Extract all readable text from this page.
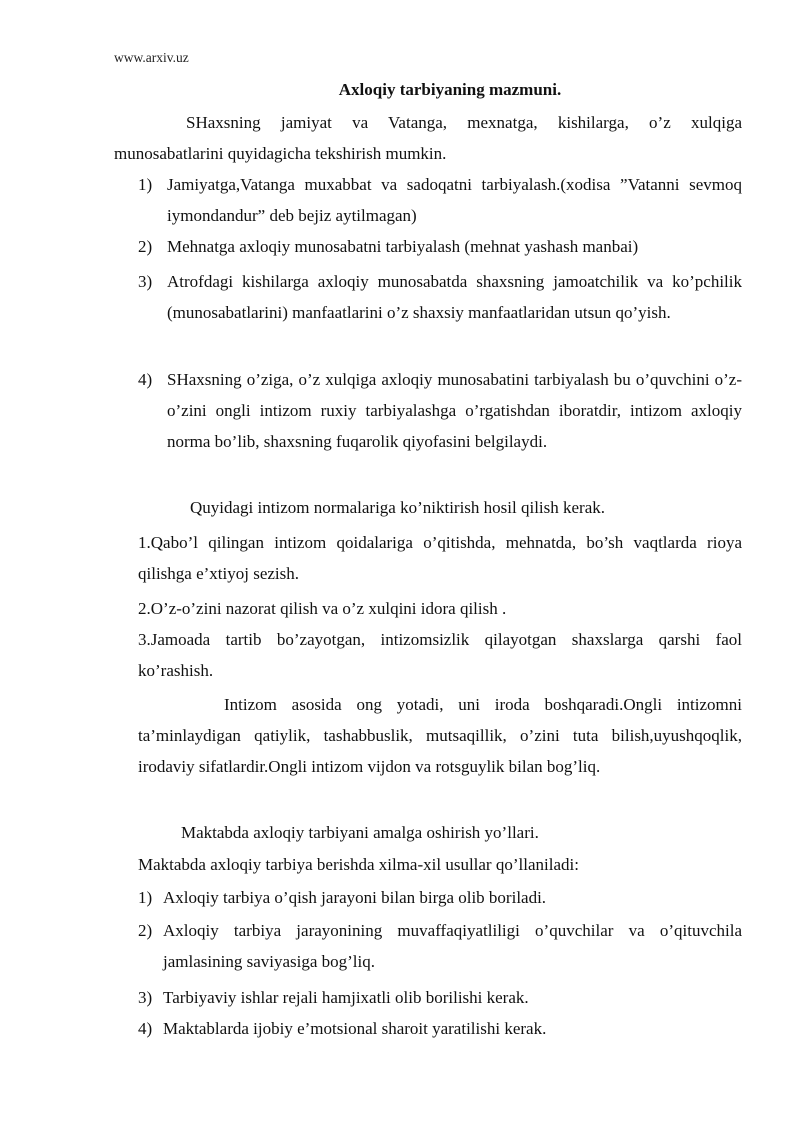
www.arxiv.uz
Axloqiy tarbiyaning mazmuni.
SHaxsning jamiyat va Vatanga, mexnatga, kishilarga, o’z xulqiga munosabatlarini quyidagicha tekshirish mumkin.
1) Jamiyatga,Vatanga muxabbat va sadoqatni tarbiyalash.(xodisa ”Vatanni sevmoq iymondandur” deb bejiz aytilmagan)
2) Mehnatga axloqiy munosabatni tarbiyalash (mehnat yashash manbai)
3) Atrofdagi kishilarga axloqiy munosabatda shaxsning jamoatchilik va ko’pchilik (munosabatlarini) manfaatlarini o’z shaxsiy manfaatlaridan utsun qo’yish.
4) SHaxsning o’ziga, o’z xulqiga axloqiy munosabatini tarbiyalash bu o’quvchini o’z-o’zini ongli intizom ruxiy tarbiyalashga o’rgatishdan iboratdir, intizom axloqiy norma bo’lib, shaxsning fuqarolik qiyofasini belgilaydi.
Quyidagi intizom normalariga ko’niktirish hosil qilish kerak.
1.Qabo’l qilingan intizom qoidalariga o’qitishda, mehnatda, bo’sh vaqtlarda rioya qilishga e’xtiyoj sezish.
2.O’z-o’zini nazorat qilish va o’z xulqini idora qilish .
3.Jamoada tartib bo’zayotgan, intizomsizlik qilayotgan shaxslarga qarshi faol ko’rashish.
Intizom asosida ong yotadi, uni iroda boshqaradi.Ongli intizomni ta’minlaydigan qatiylik, tashabbuslik, mutsaqillik, o’zini tuta bilish,uyushqoqlik, irodaviy sifatlardir.Ongli intizom vijdon va rotsguylik bilan bog’liq.
Maktabda axloqiy tarbiyani amalga oshirish yo’llari.
Maktabda axloqiy tarbiya berishda xilma-xil usullar qo’llaniladi:
1) Axloqiy tarbiya o’qish jarayoni bilan birga olib boriladi.
2) Axloqiy tarbiya jarayonining muvaffaqiyatliligi o’quvchilar va o’qituvchila jamlasining saviyasiga bog’liq.
3) Tarbiyaviy ishlar rejali hamjixatli olib borilishi kerak.
4) Maktablarda ijobiy e’motsional sharoit yaratilishi kerak.
